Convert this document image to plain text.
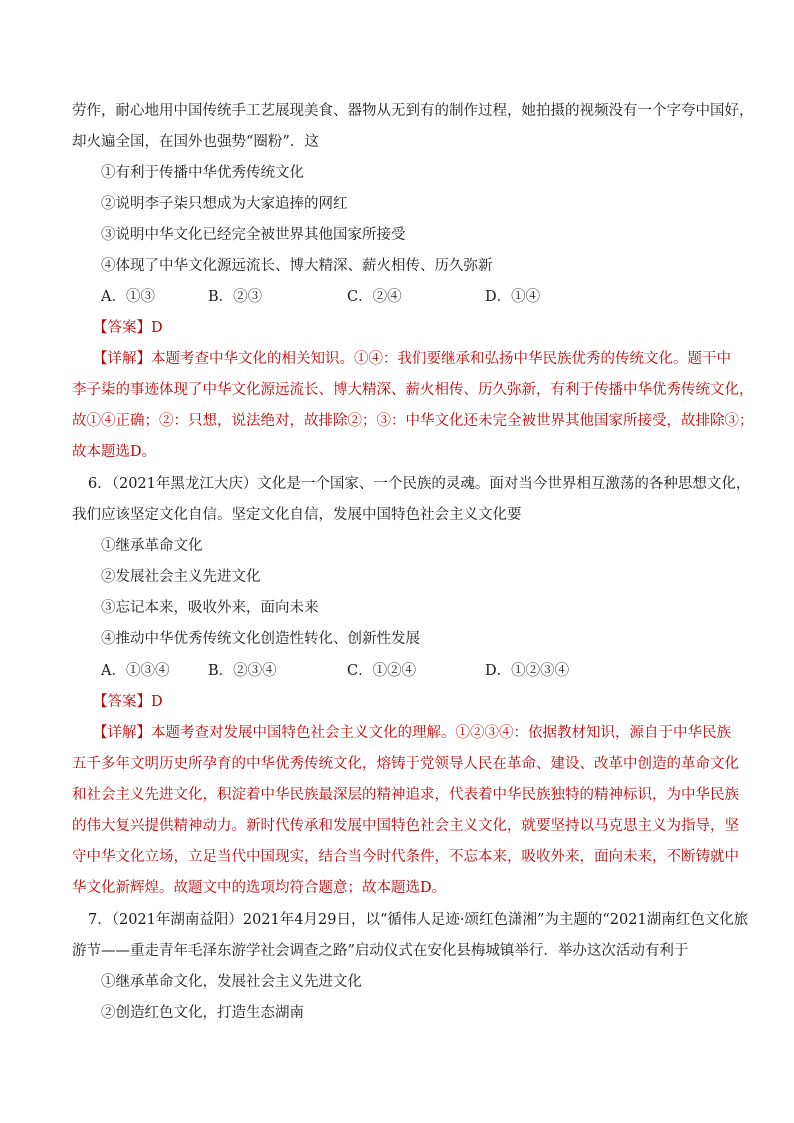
劳作，耐心地用中国传统手工艺展现美食、器物从无到有的制作过程，她拍摄的视频没有一个字夸中国好，
却火遍全国，在国外也强势“圈粉”．这
①有利于传播中华优秀传统文化
②说明李子柒只想成为大家追捧的网红
③说明中华文化已经完全被世界其他国家所接受
④体现了中华文化源远流长、博大精深、薪火相传、历久弥新
A．①③	B．②③	C．②④	D．①④
【答案】D
【详解】本题考查中华文化的相关知识。①④：我们要继承和弘扬中华民族优秀的传统文化。题干中
李子柒的事迹体现了中华文化源远流长、博大精深、薪火相传、历久弥新，有利于传播中华优秀传统文化，
故①④正确；②：只想，说法绝对，故排除②；③：中华文化还未完全被世界其他国家所接受，故排除③；
故本题选D。
6．（2021年黑龙江大庆）文化是一个国家、一个民族的灵魂。面对当今世界相互激荡的各种思想文化，
我们应该坚定文化自信。坚定文化自信，发展中国特色社会主义文化要
①继承革命文化
②发展社会主义先进文化
③忘记本来，吸收外来，面向未来
④推动中华优秀传统文化创造性转化、创新性发展
A．①③④	B．②③④	C．①②④	D．①②③④
【答案】D
【详解】本题考查对发展中国特色社会主义文化的理解。①②③④：依据教材知识，源自于中华民族
五千多年文明历史所孕育的中华优秀传统文化，熔铸于党领导人民在革命、建设、改革中创造的革命文化
和社会主义先进文化，积淀着中华民族最深层的精神追求，代表着中华民族独特的精神标识，为中华民族
的伟大复兴提供精神动力。新时代传承和发展中国特色社会主义文化，就要坚持以马克思主义为指导，坚
守中华文化立场，立足当代中国现实，结合当今时代条件，不忘本来，吸收外来，面向未来，不断铸就中
华文化新辉煌。故题文中的选项均符合题意；故本题选D。
7．（2021年湖南益阳）2021年4月29日，以“循伟人足迹·颂红色潇湘”为主题的“2021湖南红色文化旅
游节——重走青年毛泽东游学社会调查之路”启动仪式在安化县梅城镇举行．举办这次活动有利于
①继承革命文化，发展社会主义先进文化
②创造红色文化，打造生态湖南
